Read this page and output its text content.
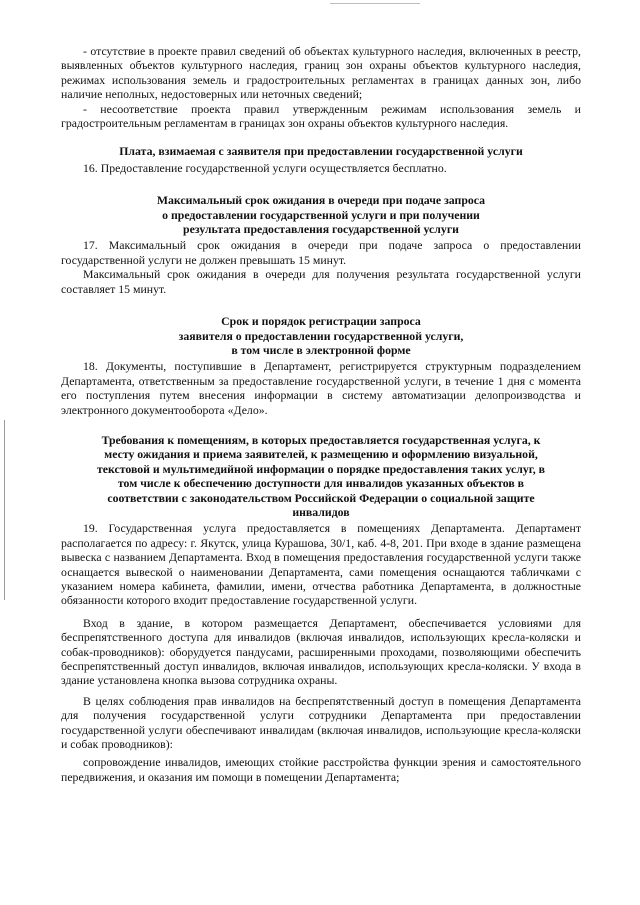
- отсутствие в проекте правил сведений об объектах культурного наследия, включенных в реестр, выявленных объектов культурного наследия, границ зон охраны объектов культурного наследия, режимах использования земель и градостроительных регламентах в границах данных зон, либо наличие неполных, недостоверных или неточных сведений;

- несоответствие проекта правил утвержденным режимам использования земель и градостроительным регламентам в границах зон охраны объектов культурного наследия.

Плата, взимаемая с заявителя при предоставлении государственной услуги

16. Предоставление государственной услуги осуществляется бесплатно.

Максимальный срок ожидания в очереди при подаче запроса
о предоставлении государственной услуги и при получении
результата предоставления государственной услуги

17. Максимальный срок ожидания в очереди при подаче запроса о предоставлении государственной услуги не должен превышать 15 минут.

Максимальный срок ожидания в очереди для получения результата государственной услуги составляет 15 минут.

Срок и порядок регистрации запроса
заявителя о предоставлении государственной услуги,
в том числе в электронной форме

18. Документы, поступившие в Департамент, регистрируется структурным подразделением Департамента, ответственным за предоставление государственной услуги, в течение 1 дня с момента его поступления путем внесения информации в систему автоматизации делопроизводства и электронного документооборота «Дело».

Требования к помещениям, в которых предоставляется государственная услуга, к
месту ожидания и приема заявителей, к размещению и оформлению визуальной,
текстовой и мультимедийной информации о порядке предоставления таких услуг, в
том числе к обеспечению доступности для инвалидов указанных объектов в
соответствии с законодательством Российской Федерации о социальной защите
инвалидов

19. Государственная услуга предоставляется в помещениях Департамента. Департамент располагается по адресу: г. Якутск, улица Курашова, 30/1, каб. 4-8, 201. При входе в здание размещена вывеска с названием Департамента. Вход в помещения предоставления государственной услуги также оснащается вывеской о наименовании Департамента, сами помещения оснащаются табличками с указанием номера кабинета, фамилии, имени, отчества работника Департамента, в должностные обязанности которого входит предоставление государственной услуги.

Вход в здание, в котором размещается Департамент, обеспечивается условиями для беспрепятственного доступа для инвалидов (включая инвалидов, использующих кресла-коляски и собак-проводников): оборудуется пандусами, расширенными проходами, позволяющими обеспечить беспрепятственный доступ инвалидов, включая инвалидов, использующих кресла-коляски. У входа в здание установлена кнопка вызова сотрудника охраны.

В целях соблюдения прав инвалидов на беспрепятственный доступ в помещения Департамента для получения государственной услуги сотрудники Департамента при предоставлении государственной услуги обеспечивают инвалидам (включая инвалидов, использующие кресла-коляски и собак проводников):

сопровождение инвалидов, имеющих стойкие расстройства функции зрения и самостоятельного передвижения, и оказания им помощи в помещении Департамента;
